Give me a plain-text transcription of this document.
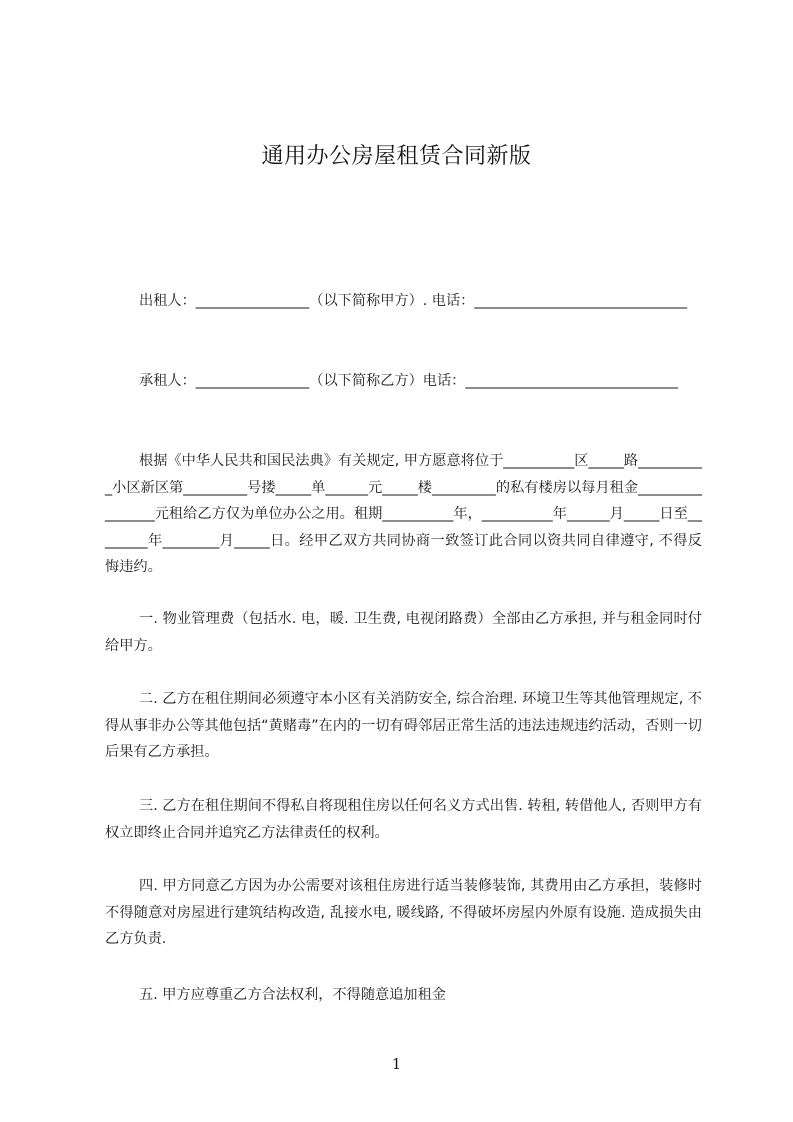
通用办公房屋租赁合同新版

出租人：________________（以下简称甲方）. 电话：______________________________

承租人：________________（以下简称乙方）电话：______________________________

根据《中华人民共和国民法典》有关规定, 甲方愿意将位于__________区_____路__________小区新区第_________号搂_____单______元_____楼_________的私有楼房以每月租金________________元租给乙方仅为单位办公之用。租期__________年，__________年______月_____日至________年________月_____日。经甲乙双方共同协商一致签订此合同以资共同自律遵守, 不得反悔违约。

一. 物业管理费（包括水. 电，暖. 卫生费, 电视闭路费）全部由乙方承担, 并与租金同时付给甲方。

二. 乙方在租住期间必须遵守本小区有关消防安全, 综合治理. 环境卫生等其他管理规定, 不得从事非办公等其他包括“黄赌毒”在内的一切有碍邻居正常生活的违法违规违约活动，否则一切后果有乙方承担。

三. 乙方在租住期间不得私自将现租住房以任何名义方式出售. 转租, 转借他人, 否则甲方有权立即终止合同并追究乙方法律责任的权利。

四. 甲方同意乙方因为办公需要对该租住房进行适当装修装饰, 其费用由乙方承担，装修时不得随意对房屋进行建筑结构改造, 乱接水电, 暖线路, 不得破坏房屋内外原有设施. 造成损失由乙方负责.

五. 甲方应尊重乙方合法权利，不得随意追加租金

1
